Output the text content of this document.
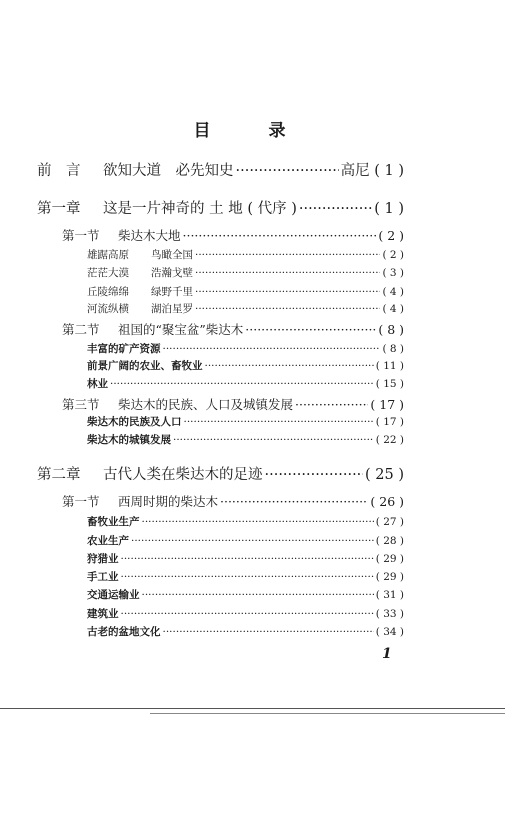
目 录
前　言	欲知大道　必先知史 ·····	高尼 ( 1 )
第一章	这是一片神奇的 土 地 ( 代序 ) ·····	( 1 )
第一节	柴达木大地 ·····	( 2 )
雄踞高原	鸟瞰全国 ·····	( 2 )
茫茫大漠	浩瀚戈壁 ·····	( 3 )
丘陵绵绵	绿野千里 ·····	( 4 )
河流纵横	湖泊星罗 ·····	( 4 )
第二节	祖国的“聚宝盆”柴达木 ·····	( 8 )
丰富的矿产资源 ·····	( 8 )
前景广阔的农业、畜牧业 ·····	( 11 )
林业 ·····	( 15 )
第三节	柴达木的民族、人口及城镇发展 ·····	( 17 )
柴达木的民族及人口 ·····	( 17 )
柴达木的城镇发展 ·····	( 22 )
第二章	古代人类在柴达木的足迹 ·····	( 25 )
第一节	西周时期的柴达木 ·····	( 26 )
畜牧业生产 ·····	( 27 )
农业生产 ·····	( 28 )
狩猎业 ·····	( 29 )
手工业 ·····	( 29 )
交通运输业 ·····	( 31 )
建筑业 ·····	( 33 )
古老的盆地文化 ·····	( 34 )
1
